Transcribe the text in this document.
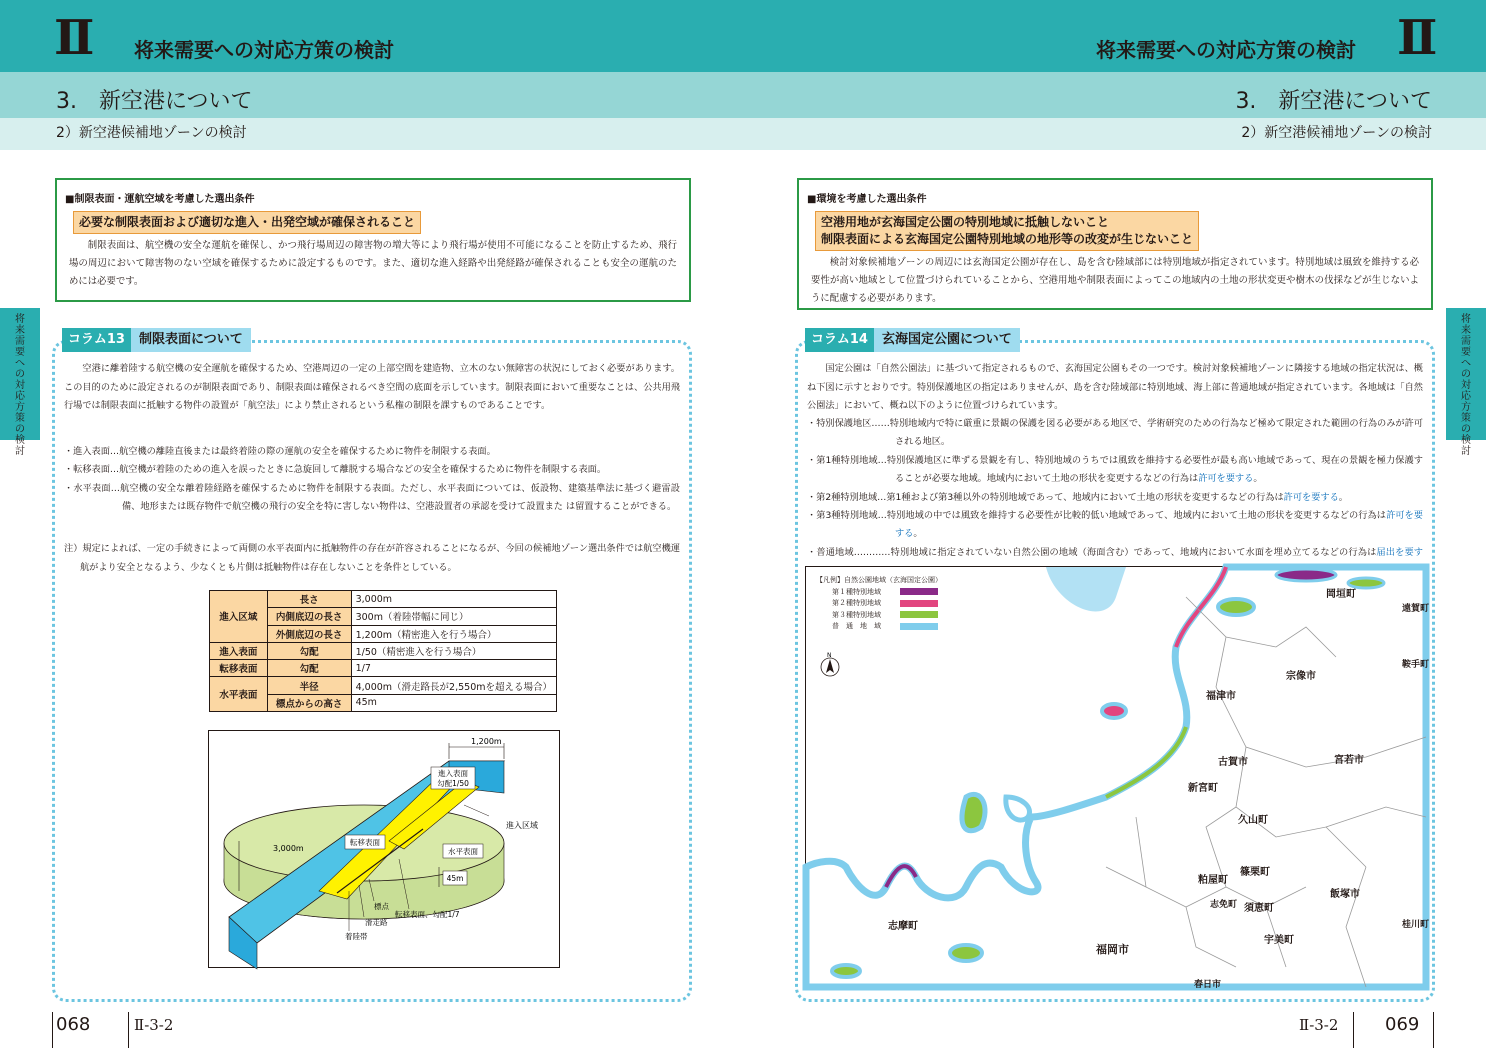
Ⅱ 将来需要への対応方策の検討
3.　新空港について
2）新空港候補地ゾーンの検討
将
来
需
要
へ
の
対
応
方
策
の
検
討
■制限表面・運航空域を考慮した選出条件
必要な制限表面および適切な進入・出発空域が確保されること
制限表面は、航空機の安全な運航を確保し、かつ飛行場周辺の障害物の増大等により飛行場が使用不可能になることを防止するため、飛行場の周辺において障害物のない空域を確保するために設定するものです。また、適切な進入経路や出発経路が確保されることも安全の運航のためには必要です。
コラム13	制限表面について
空港に離着陸する航空機の安全運航を確保するため、空港周辺の一定の上部空間を建造物、立木のない無障害の状況にしておく必要があります。この目的のために設定されるのが制限表面であり、制限表面は確保されるべき空間の底面を示しています。制限表面において重要なことは、公共用飛行場では制限表面に抵触する物件の設置が「航空法」により禁止されるという私権の制限を課すものであることです。
・進入表面…航空機の離陸直後または最終着陸の際の運航の安全を確保するために物件を制限する表面。
・転移表面…航空機が着陸のための進入を誤ったときに急旋回して離脱する場合などの安全を確保するために物件を制限する表面。
・水平表面…航空機の安全な離着陸経路を確保するために物件を制限する表面。ただし、水平表面については、仮設物、建築基準法に基づく避雷設備、地形または既存物件で航空機の飛行の安全を特に害しない物件は、空港設置者の承認を受けて設置また は留置することができる。
注）規定によれば、一定の手続きによって両側の水平表面内に抵触物件の存在が許容されることになるが、今回の候補地ゾーン選出条件では航空機運航がより安全となるよう、少なくとも片側は抵触物件は存在しないことを条件としている。
進入区域	長さ	3,000m
	内側底辺の長さ	300m（着陸帯幅に同じ）
	外側底辺の長さ	1,200m（精密進入を行う場合）
進入表面	勾配	1/50（精密進入を行う場合）
転移表面	勾配	1/7
水平表面	半径	4,000m（滑走路長が2,550mを超える場合）
	標点からの高さ	45m
進入表面
勾配1/50
1,200m
進入区域
3,000m
転移表面
水平表面
45m
標点
滑走路
着陸帯
転移表面、勾配1/7
068	Ⅱ-3-2
Ⅱ
将来需要への対応方策の検討
3.　新空港について
2）新空港候補地ゾーンの検討
将
来
需
要
へ
の
対
応
方
策
の
検
討
■環境を考慮した選出条件
空港用地が玄海国定公園の特別地域に抵触しないこと
制限表面による玄海国定公園特別地域の地形等の改変が生じないこと
検討対象候補地ゾーンの周辺には玄海国定公園が存在し、島を含む陸域部には特別地域が指定されています。特別地域は風致を維持する必要性が高い地域として位置づけられていることから、空港用地や制限表面によってこの地域内の土地の形状変更や樹木の伐採などが生じないように配慮する必要があります。
コラム14	玄海国定公園について
国定公園は「自然公園法」に基づいて指定されるもので、玄海国定公園もその一つです。検討対象候補地ゾーンに隣接する地域の指定状況は、概ね下図に示すとおりです。特別保護地区の指定はありませんが、島を含む陸域部に特別地域、海上部に普通地域が指定されています。各地域は「自然公園法」において、概ね以下のように位置づけられています。
・特別保護地区……特別地域内で特に厳重に景観の保護を図る必要がある地区で、学術研究のための行為など極めて限定された範囲の行為のみが許可される地区。
・第1種特別地域…特別保護地区に準ずる景観を有し、特別地域のうちでは風致を維持する必要性が最も高い地域であって、現在の景観を極力保護することが必要な地域。地域内において土地の形状を変更するなどの行為は許可を要する。
・第2種特別地域…第1種および第3種以外の特別地域であって、地域内において土地の形状を変更するなどの行為は許可を要する。
・第3種特別地域…特別地域の中では風致を維持する必要性が比較的低い地域であって、地域内において土地の形状を変更するなどの行為は許可を要する。
・普通地域…………特別地域に指定されていない自然公園の地域（海面含む）であって、地域内において水面を埋め立てるなどの行為は届出を要す
岡垣町
遠賀町
宗像市
鞍手町
福津市
古賀市	宮若市
新宮町
久山町
篠栗町
粕屋町
飯塚市
志免町 須恵町
志摩町
福岡市
宇美町
桂川町
春日市
N
【凡例】自然公園地域（玄海国定公園）
第１種特別地域
第２種特別地域
第３種特別地域
普　通　地　域
Ⅱ-3-2	069
